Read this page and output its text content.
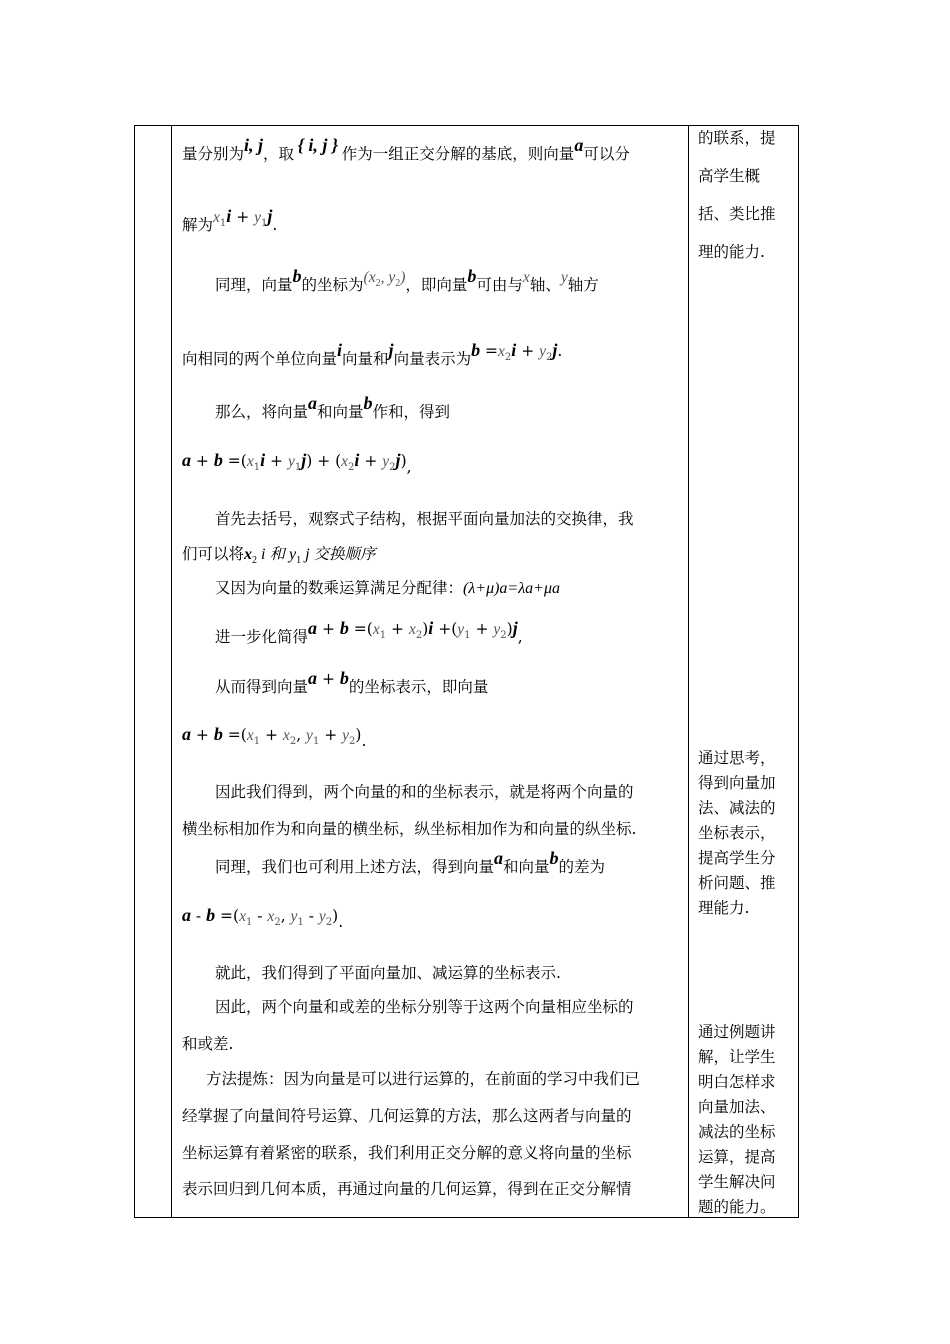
量分别为i, j，取 { i, j } 作为一组正交分解的基底，则向量a可以分
解为$x_1i + y_1j$.
同理，向量b的坐标为($x_2$, $y_2$)，即向量b可由与x轴、y轴方
向相同的两个单位向量i向量和j向量表示为$b =x_2i + y_2j$.
那么，将向量a和向量b作和，得到
$a + b =(x_1i + y_1j) + (x_2i + y_2j)$,
首先去括号，观察式子结构，根据平面向量加法的交换律，我
们可以将$x_2$ i 和 $y_1$ j 交换顺序
又因为向量的数乘运算满足分配律：(λ+μ)a=λa+μa
进一步化简得$a + b =(x_1 + x_2)i +(y_1 + y_2)j$,
从而得到向量a + b的坐标表示，即向量
$a + b =(x_1 + x_2$, $y_1 + y_2$).
因此我们得到，两个向量的和的坐标表示，就是将两个向量的
横坐标相加作为和向量的横坐标，纵坐标相加作为和向量的纵坐标.
同理，我们也可利用上述方法，得到向量a和向量b的差为
$a - b =(x_1 - x_2$, $y_1 - y_2$).
就此，我们得到了平面向量加、减运算的坐标表示.
因此，两个向量和或差的坐标分别等于这两个向量相应坐标的
和或差.
方法提炼：因为向量是可以进行运算的，在前面的学习中我们已
经掌握了向量间符号运算、几何运算的方法，那么这两者与向量的
坐标运算有着紧密的联系，我们利用正交分解的意义将向量的坐标
表示回归到几何本质，再通过向量的几何运算，得到在正交分解情
的联系，提
高学生概
括、类比推
理的能力.
通过思考，
得到向量加
法、减法的
坐标表示，
提高学生分
析问题、推
理能力.
通过例题讲
解，让学生
明白怎样求
向量加法、
减法的坐标
运算，提高
学生解决问
题的能力。
